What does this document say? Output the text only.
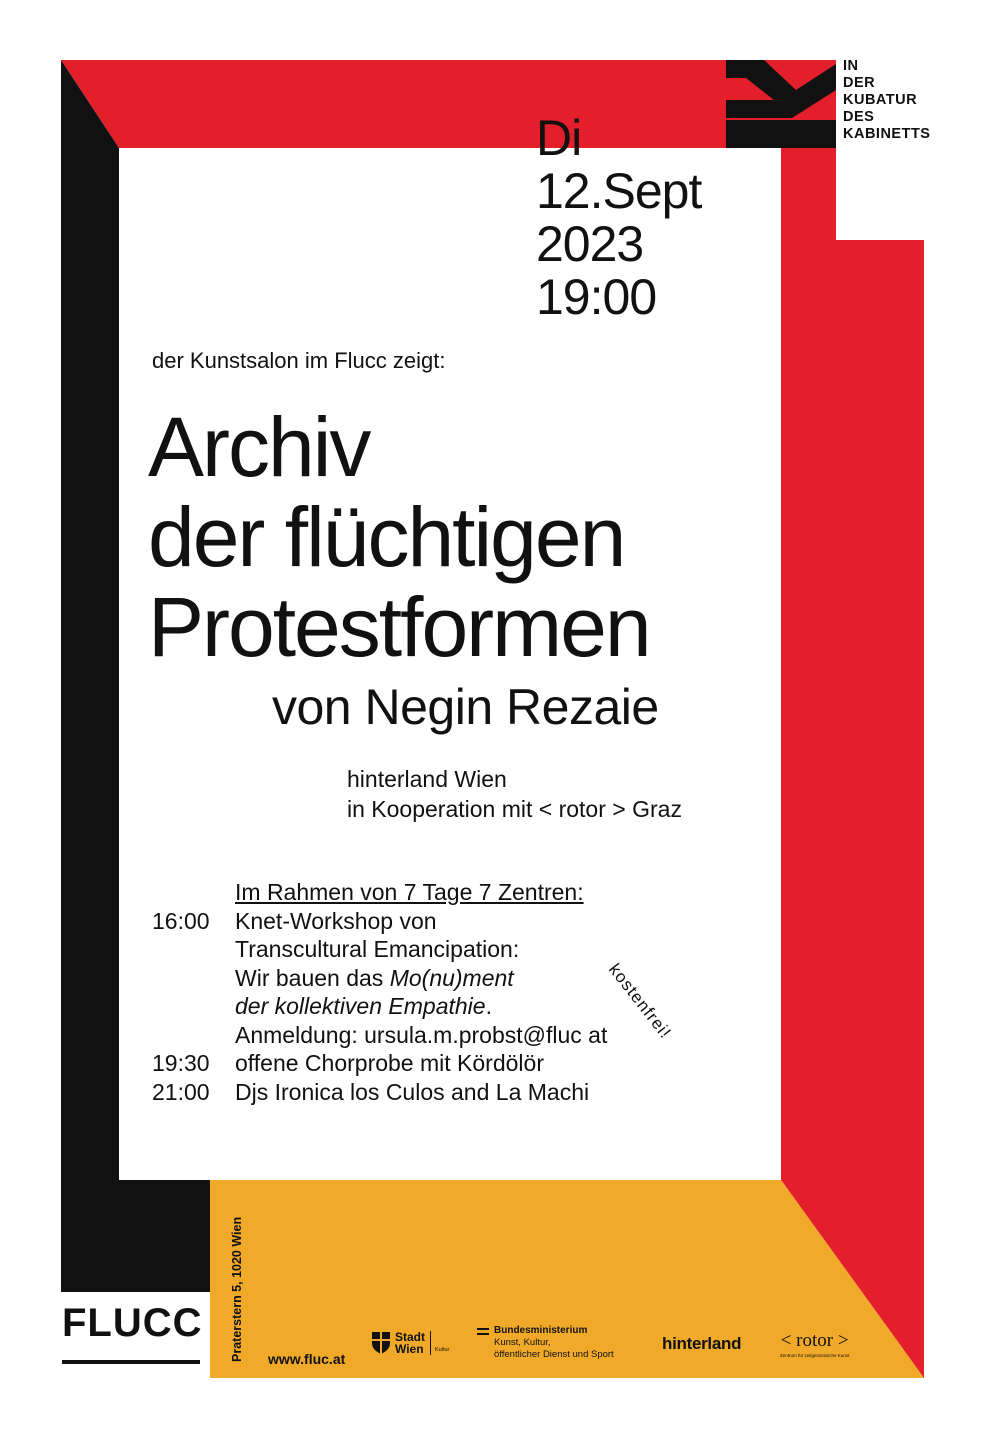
IN
DER
KUBATUR
DES
KABINETTS
Di
12.Sept
2023
19:00
der Kunstsalon im Flucc zeigt:
Archiv
der flüchtigen
Protestformen
von Negin Rezaie
hinterland Wien
in Kooperation mit < rotor > Graz
Im Rahmen von 7 Tage 7 Zentren:
16:00	Knet-Workshop von
Transcultural Emancipation:
Wir bauen das Mo(nu)ment
der kollektiven Empathie.
Anmeldung: ursula.m.probst@fluc at
19:30	offene Chorprobe mit Kördölör
21:00	Djs Ironica los Culos and La Machi
kostenfrei!
Praterstern 5, 1020 Wien www.fluc.at
Stadt
Wien Kultur
Bundesministerium
Kunst, Kultur,
öffentlicher Dienst und Sport
hinterland < rotor >
Zentrum für zeitgenössische Kunst
FLUCC
